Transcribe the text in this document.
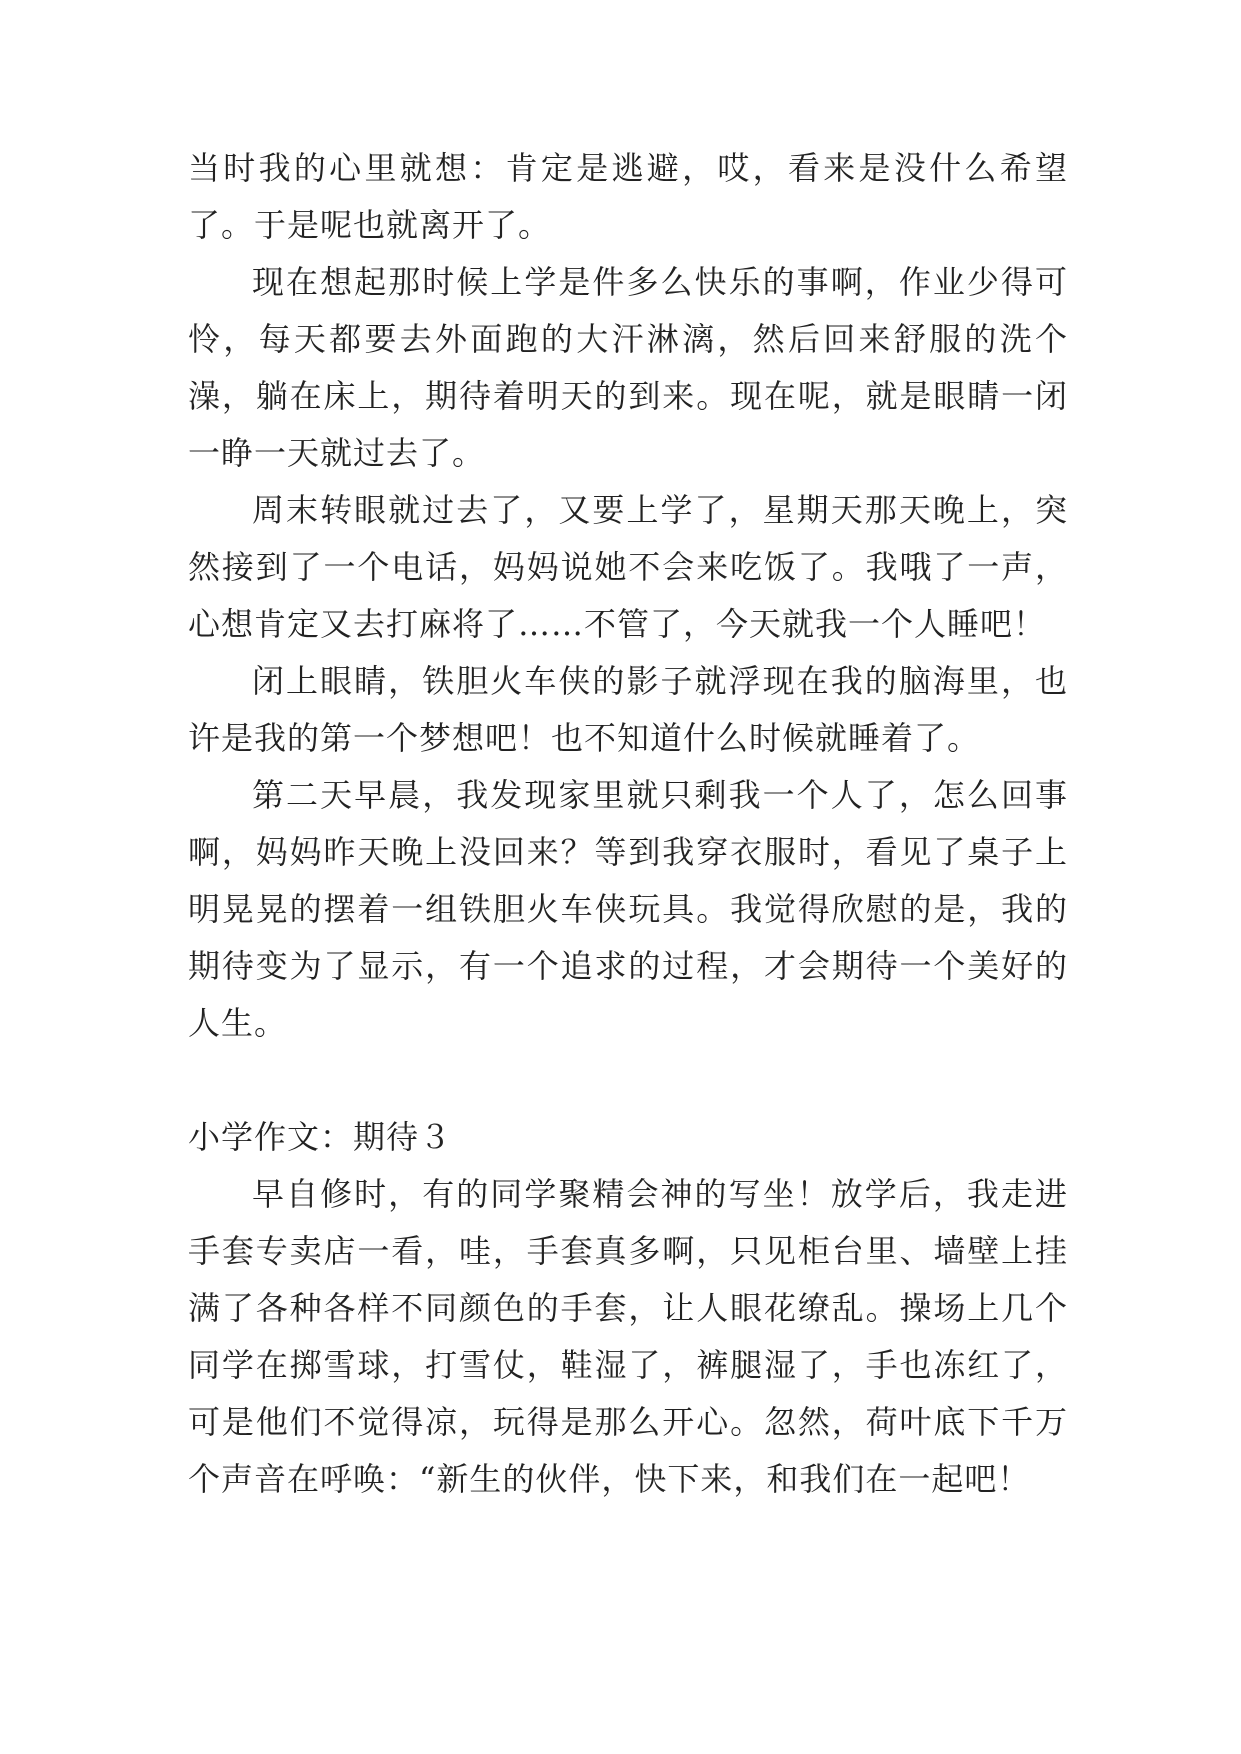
当时我的心里就想：肯定是逃避，哎，看来是没什么希望了。于是呢也就离开了。

现在想起那时候上学是件多么快乐的事啊，作业少得可怜，每天都要去外面跑的大汗淋漓，然后回来舒服的洗个澡，躺在床上，期待着明天的到来。现在呢，就是眼睛一闭一睁一天就过去了。

周末转眼就过去了，又要上学了，星期天那天晚上，突然接到了一个电话，妈妈说她不会来吃饭了。我哦了一声，心想肯定又去打麻将了……不管了，今天就我一个人睡吧！

闭上眼睛，铁胆火车侠的影子就浮现在我的脑海里，也许是我的第一个梦想吧！也不知道什么时候就睡着了。

第二天早晨，我发现家里就只剩我一个人了，怎么回事啊，妈妈昨天晚上没回来？等到我穿衣服时，看见了桌子上明晃晃的摆着一组铁胆火车侠玩具。我觉得欣慰的是，我的期待变为了显示，有一个追求的过程，才会期待一个美好的人生。

小学作文：期待３

早自修时，有的同学聚精会神的写坐！放学后，我走进手套专卖店一看，哇，手套真多啊，只见柜台里、墙壁上挂满了各种各样不同颜色的手套，让人眼花缭乱。操场上几个同学在掷雪球，打雪仗，鞋湿了，裤腿湿了，手也冻红了，可是他们不觉得凉，玩得是那么开心。忽然，荷叶底下千万个声音在呼唤：“新生的伙伴，快下来，和我们在一起吧！
